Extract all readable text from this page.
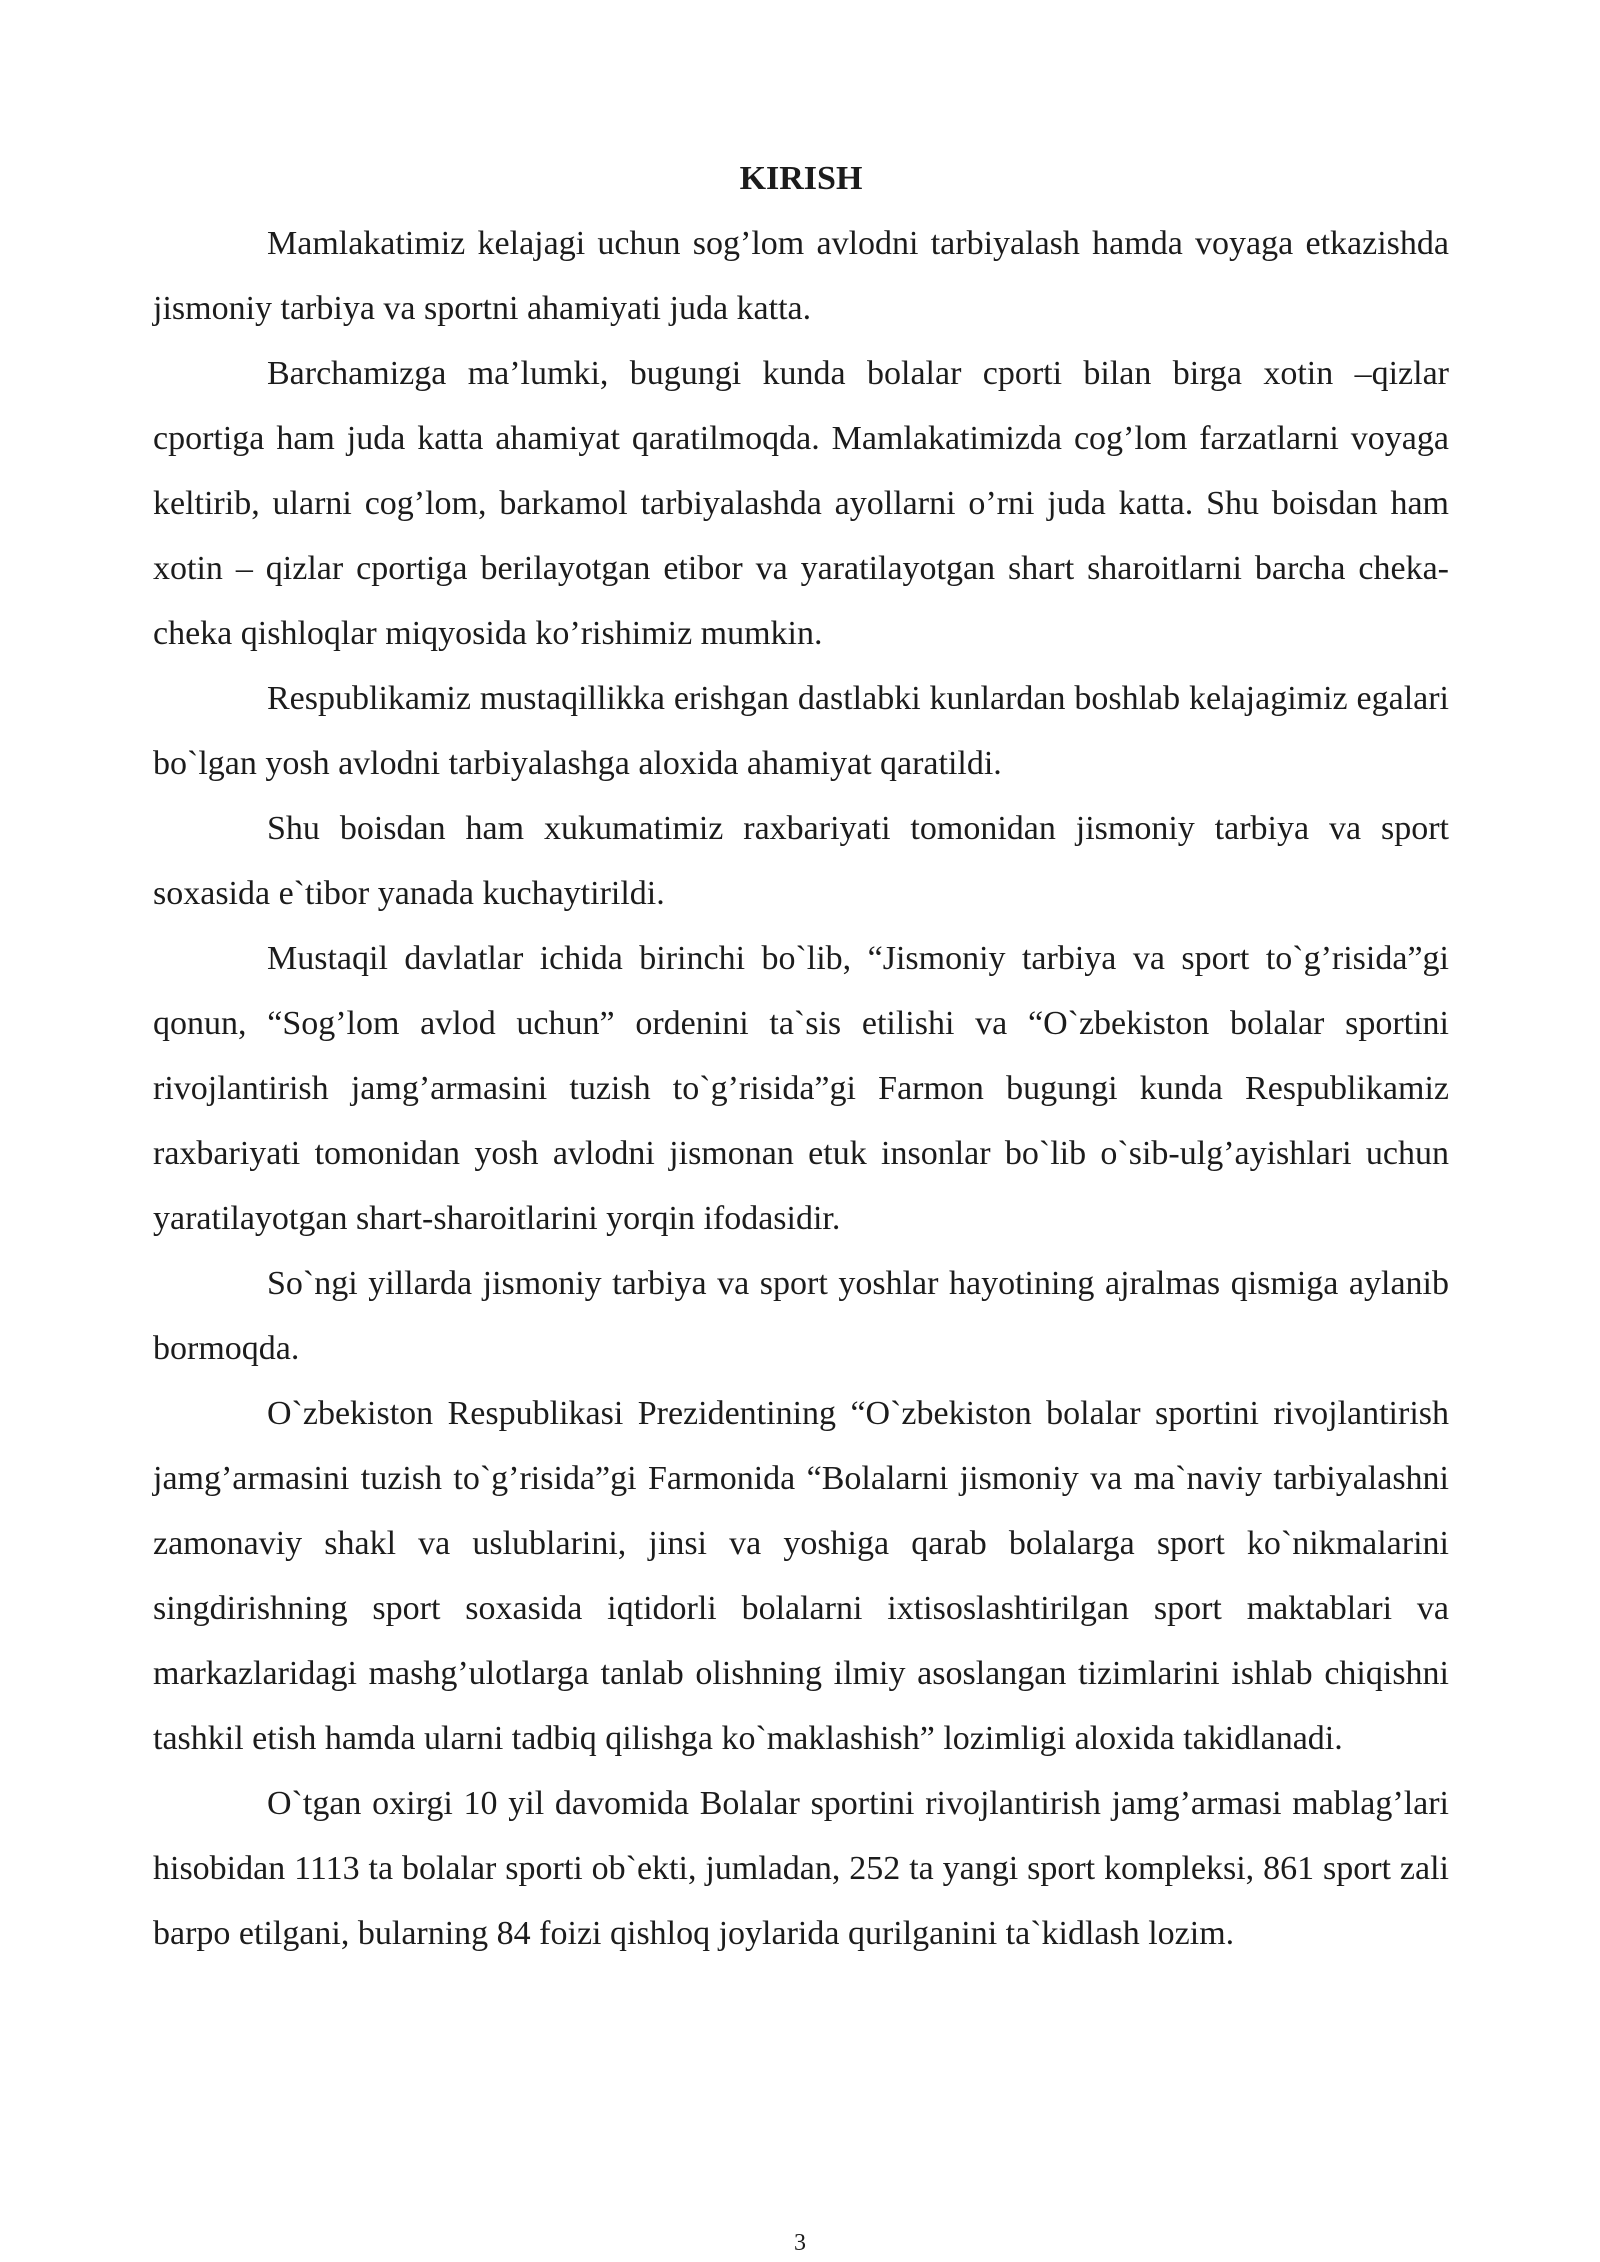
KIRISH

Mamlakatimiz kelajagi uchun sog’lom avlodni tarbiyalash hamda voyaga etkazishda jismoniy tarbiya va sportni ahamiyati juda katta.

Barchamizga ma’lumki, bugungi kunda bolalar cporti bilan birga xotin –qizlar cportiga ham juda katta ahamiyat qaratilmoqda. Mamlakatimizda cog’lom farzatlarni voyaga keltirib, ularni cog’lom, barkamol tarbiyalashda ayollarni o’rni juda katta. Shu boisdan ham xotin – qizlar cportiga berilayotgan etibor va yaratilayotgan shart sharoitlarni barcha cheka-cheka qishloqlar miqyosida ko’rishimiz mumkin.

Respublikamiz mustaqillikka erishgan dastlabki kunlardan boshlab kelajagimiz egalari bo`lgan yosh avlodni tarbiyalashga aloxida ahamiyat qaratildi.

Shu boisdan ham xukumatimiz raxbariyati tomonidan jismoniy tarbiya va sport soxasida e`tibor yanada kuchaytirildi.

Mustaqil davlatlar ichida birinchi bo`lib, “Jismoniy tarbiya va sport to`g’risida”gi qonun, “Sog’lom avlod uchun” ordenini ta`sis etilishi va “O`zbekiston bolalar sportini rivojlantirish jamg’armasini tuzish to`g’risida”gi Farmon bugungi kunda Respublikamiz raxbariyati tomonidan yosh avlodni jismonan etuk insonlar bo`lib o`sib-ulg’ayishlari uchun yaratilayotgan shart-sharoitlarini yorqin ifodasidir.

So`ngi yillarda jismoniy tarbiya va sport yoshlar hayotining ajralmas qismiga aylanib bormoqda.

O`zbekiston Respublikasi Prezidentining “O`zbekiston bolalar sportini rivojlantirish jamg’armasini tuzish to`g’risida”gi Farmonida “Bolalarni jismoniy va ma`naviy tarbiyalashni zamonaviy shakl va uslublarini, jinsi va yoshiga qarab bolalarga sport ko`nikmalarini singdirishning sport soxasida iqtidorli bolalarni ixtisoslashtirilgan sport maktablari va markazlaridagi mashg’ulotlarga tanlab olishning ilmiy asoslangan tizimlarini ishlab chiqishni tashkil etish hamda ularni tadbiq qilishga ko`maklashish” lozimligi aloxida takidlanadi.

O`tgan oxirgi 10 yil davomida Bolalar sportini rivojlantirish jamg’armasi mablag’lari hisobidan 1113 ta bolalar sporti ob`ekti, jumladan, 252 ta yangi sport kompleksi, 861 sport zali barpo etilgani, bularning 84 foizi qishloq joylarida qurilganini ta`kidlash lozim.

3
